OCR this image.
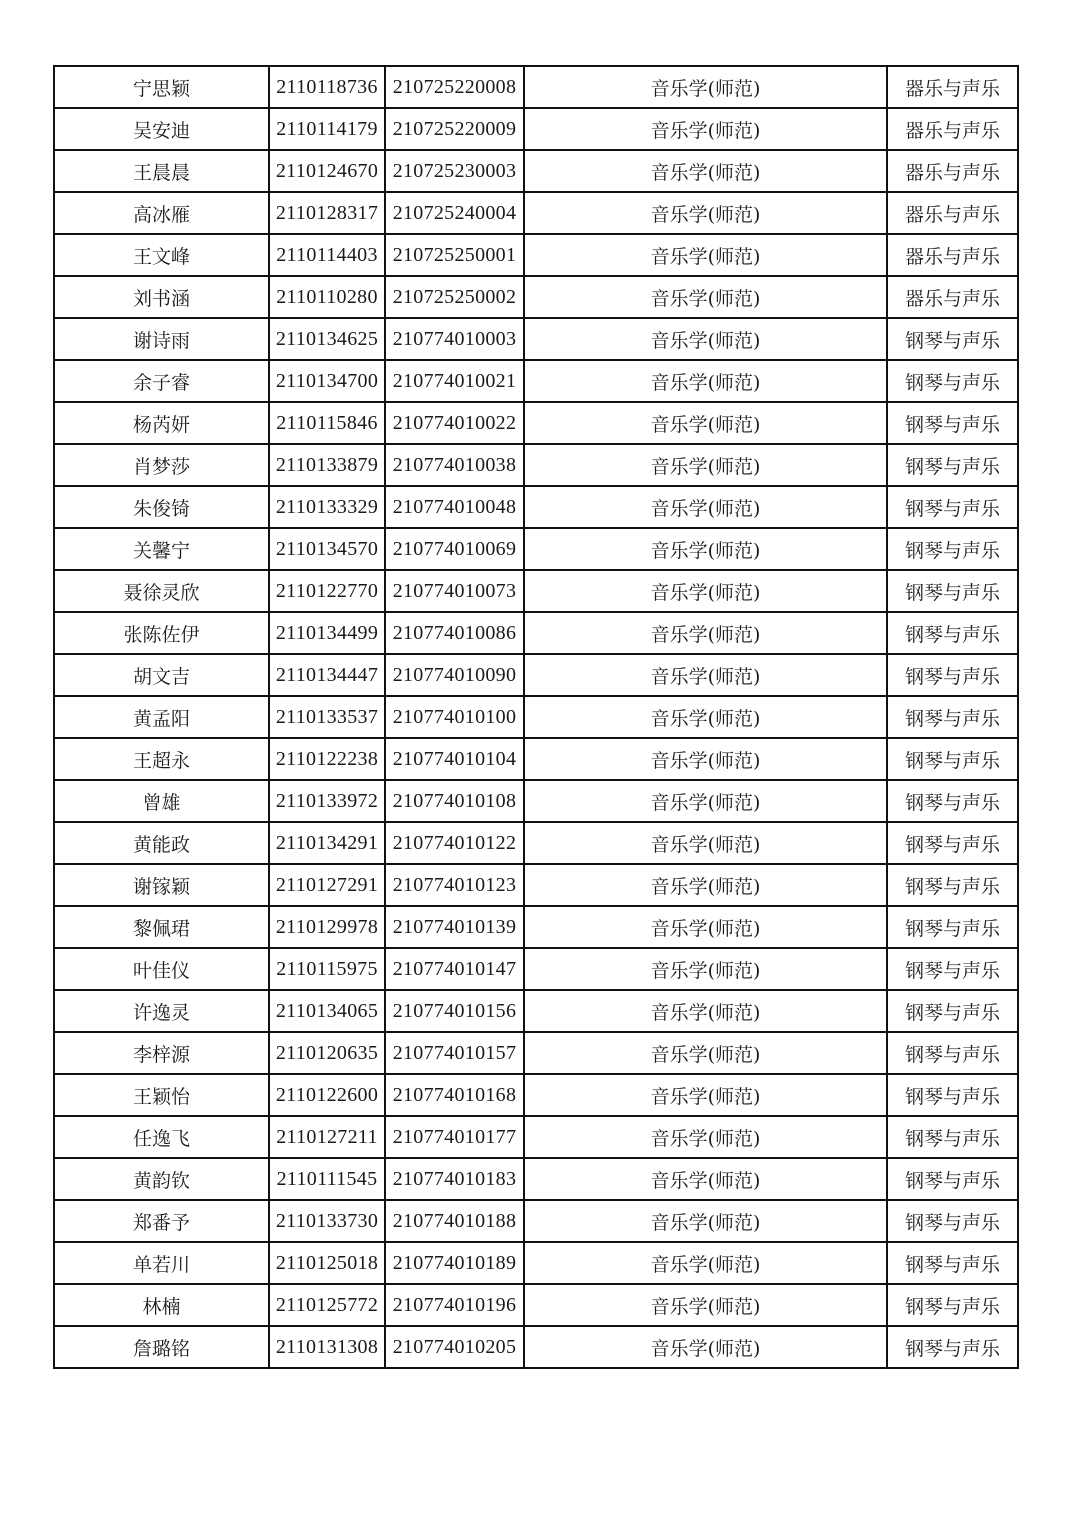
宁思颖	2110118736	210725220008	音乐学(师范)	器乐与声乐
吴安迪	2110114179	210725220009	音乐学(师范)	器乐与声乐
王晨晨	2110124670	210725230003	音乐学(师范)	器乐与声乐
高冰雁	2110128317	210725240004	音乐学(师范)	器乐与声乐
王文峰	2110114403	210725250001	音乐学(师范)	器乐与声乐
刘书涵	2110110280	210725250002	音乐学(师范)	器乐与声乐
谢诗雨	2110134625	210774010003	音乐学(师范)	钢琴与声乐
余子睿	2110134700	210774010021	音乐学(师范)	钢琴与声乐
杨芮妍	2110115846	210774010022	音乐学(师范)	钢琴与声乐
肖梦莎	2110133879	210774010038	音乐学(师范)	钢琴与声乐
朱俊锜	2110133329	210774010048	音乐学(师范)	钢琴与声乐
关馨宁	2110134570	210774010069	音乐学(师范)	钢琴与声乐
聂徐灵欣	2110122770	210774010073	音乐学(师范)	钢琴与声乐
张陈佐伊	2110134499	210774010086	音乐学(师范)	钢琴与声乐
胡文吉	2110134447	210774010090	音乐学(师范)	钢琴与声乐
黄孟阳	2110133537	210774010100	音乐学(师范)	钢琴与声乐
王超永	2110122238	210774010104	音乐学(师范)	钢琴与声乐
曾雄	2110133972	210774010108	音乐学(师范)	钢琴与声乐
黄能政	2110134291	210774010122	音乐学(师范)	钢琴与声乐
谢镓颖	2110127291	210774010123	音乐学(师范)	钢琴与声乐
黎佩珺	2110129978	210774010139	音乐学(师范)	钢琴与声乐
叶佳仪	2110115975	210774010147	音乐学(师范)	钢琴与声乐
许逸灵	2110134065	210774010156	音乐学(师范)	钢琴与声乐
李梓源	2110120635	210774010157	音乐学(师范)	钢琴与声乐
王颖怡	2110122600	210774010168	音乐学(师范)	钢琴与声乐
任逸飞	2110127211	210774010177	音乐学(师范)	钢琴与声乐
黄韵钦	2110111545	210774010183	音乐学(师范)	钢琴与声乐
郑番予	2110133730	210774010188	音乐学(师范)	钢琴与声乐
单若川	2110125018	210774010189	音乐学(师范)	钢琴与声乐
林楠	2110125772	210774010196	音乐学(师范)	钢琴与声乐
詹璐铭	2110131308	210774010205	音乐学(师范)	钢琴与声乐
